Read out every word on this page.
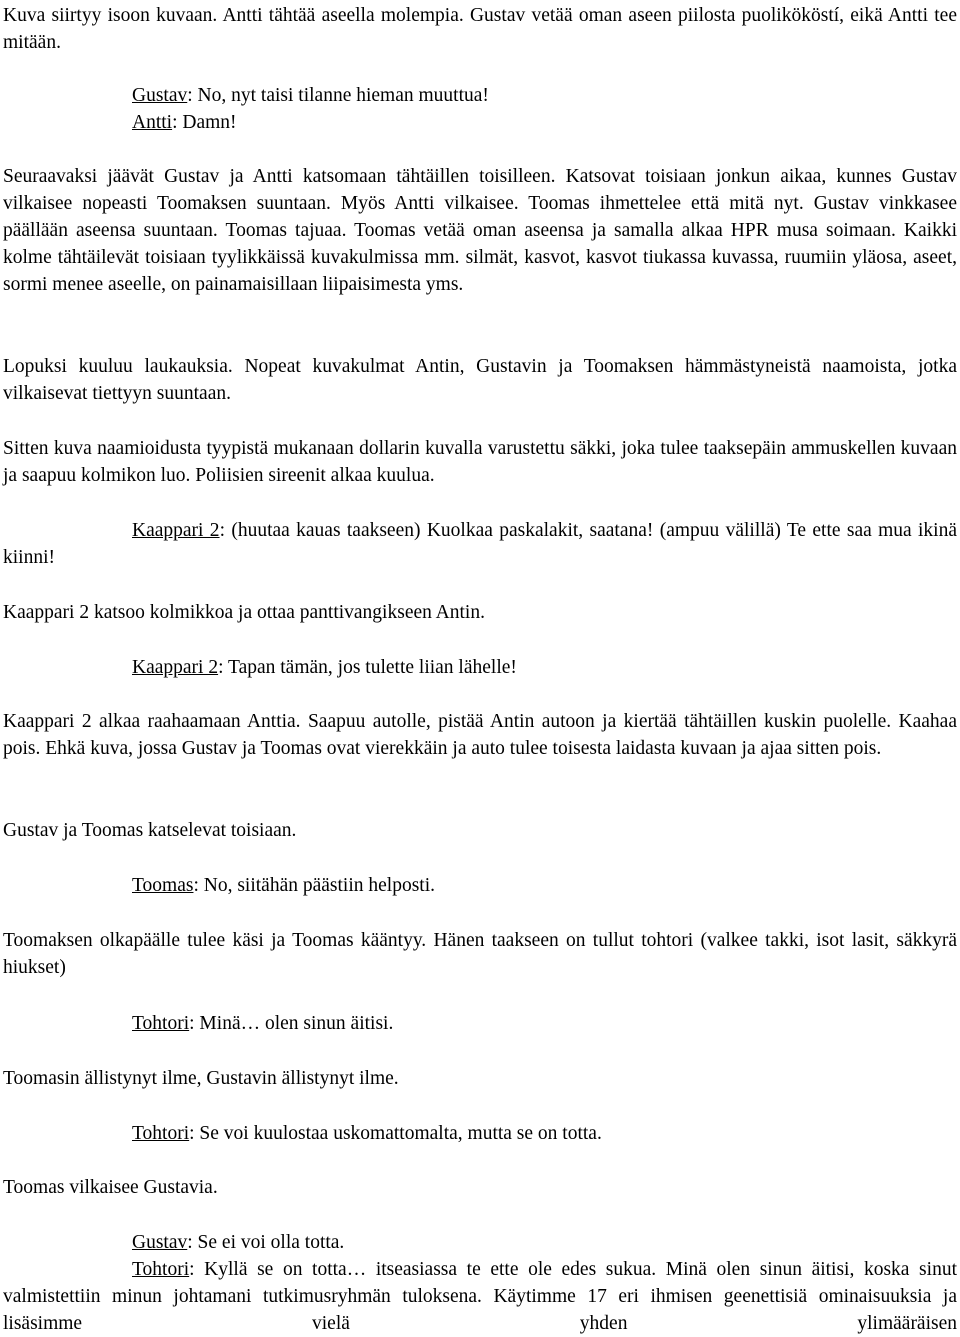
Kuva siirtyy isoon kuvaan. Antti tähtää aseella molempia. Gustav vetää oman aseen piilosta puolikököstí, eikä Antti tee mitään.

Gustav: No, nyt taisi tilanne hieman muuttua!

Antti: Damn!

Seuraavaksi jäävät Gustav ja Antti katsomaan tähtäillen toisilleen. Katsovat toisiaan jonkun aikaa, kunnes Gustav vilkaisee nopeasti Toomaksen suuntaan. Myös Antti vilkaisee. Toomas ihmettelee että mitä nyt. Gustav vinkkasee päällään aseensa suuntaan. Toomas tajuaa. Toomas vetää oman aseensa ja samalla alkaa HPR musa soimaan. Kaikki kolme tähtäilevät toisiaan tyylikkäissä kuvakulmissa mm. silmät, kasvot, kasvot tiukassa kuvassa, ruumiin yläosa, aseet, sormi menee aseelle, on painamaisillaan liipaisimesta yms.

Lopuksi kuuluu laukauksia. Nopeat kuvakulmat Antin, Gustavin ja Toomaksen hämmästyneistä naamoista, jotka vilkaisevat tiettyyn suuntaan.

Sitten kuva naamioidusta tyypistä mukanaan dollarin kuvalla varustettu säkki, joka tulee taaksepäin ammuskellen kuvaan ja saapuu kolmikon luo. Poliisien sireenit alkaa kuulua.

Kaappari 2: (huutaa kauas taakseen) Kuolkaa paskalakit, saatana! (ampuu välillä) Te ette saa mua ikinä kiinni!

Kaappari 2 katsoo kolmikkoa ja ottaa panttivangikseen Antin.

Kaappari 2: Tapan tämän, jos tulette liian lähelle!

Kaappari 2 alkaa raahaamaan Anttia. Saapuu autolle, pistää Antin autoon ja kiertää tähtäillen kuskin puolelle. Kaahaa pois. Ehkä kuva, jossa Gustav ja Toomas ovat vierekkäin ja auto tulee toisesta laidasta kuvaan ja ajaa sitten pois.

Gustav ja Toomas katselevat toisiaan.

Toomas: No, siitähän päästiin helposti.

Toomaksen olkapäälle tulee käsi ja Toomas kääntyy. Hänen taakseen on tullut tohtori (valkee takki, isot lasit, säkkyrä hiukset)

Tohtori: Minä… olen sinun äitisi.

Toomasin ällistynyt ilme, Gustavin ällistynyt ilme.

Tohtori: Se voi kuulostaa uskomattomalta, mutta se on totta.

Toomas vilkaisee Gustavia.

Gustav: Se ei voi olla totta.

Tohtori: Kyllä se on totta… itseasiassa te ette ole edes sukua. Minä olen sinun äitisi, koska sinut valmistettiin minun johtamani tutkimusryhmän tuloksena. Käytimme 17 eri ihmisen geenettisiä ominaisuuksia ja lisäsimme vielä yhden ylimääräisen
